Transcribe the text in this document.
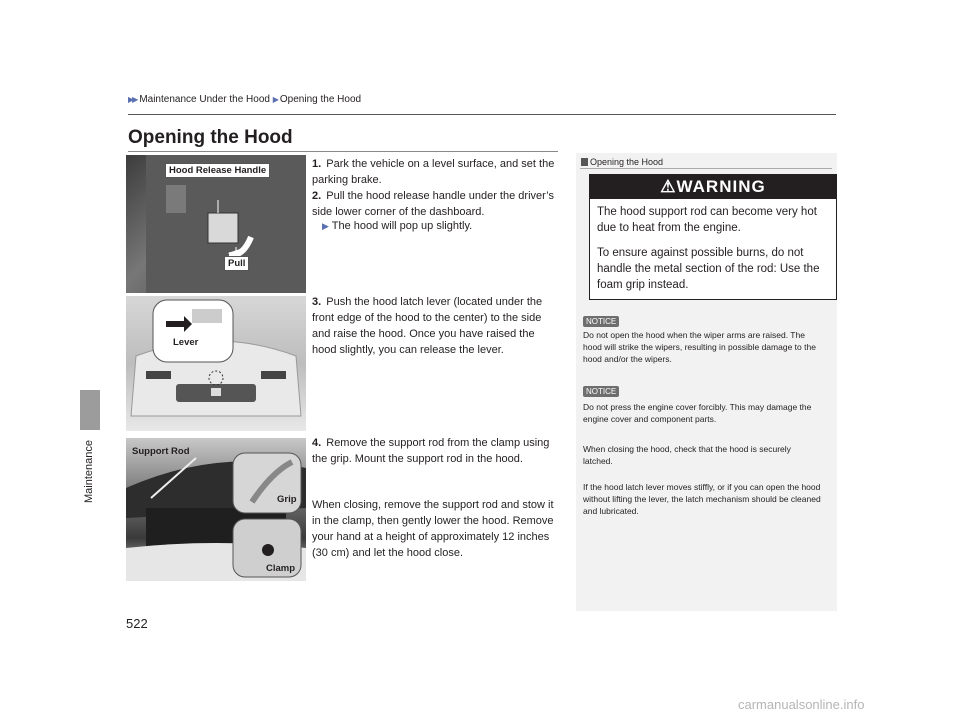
Maintenance
▶▶ Maintenance Under the Hood ▶ Opening the Hood
Opening the Hood
Hood Release Handle
Pull
Lever
Support Rod
Grip
Clamp
1. Park the vehicle on a level surface, and set the parking brake.
2. Pull the hood release handle under the driver’s side lower corner of the dashboard.
▶ The hood will pop up slightly.
3. Push the hood latch lever (located under the front edge of the hood to the center) to the side and raise the hood. Once you have raised the hood slightly, you can release the lever.
4. Remove the support rod from the clamp using the grip. Mount the support rod in the hood.
When closing, remove the support rod and stow it in the clamp, then gently lower the hood. Remove your hand at a height of approximately 12 inches (30 cm) and let the hood close.
Opening the Hood
⚠WARNING
The hood support rod can become very hot due to heat from the engine.
To ensure against possible burns, do not handle the metal section of the rod: Use the foam grip instead.
NOTICE
Do not open the hood when the wiper arms are raised. The hood will strike the wipers, resulting in possible damage to the hood and/or the wipers.
NOTICE
Do not press the engine cover forcibly. This may damage the engine cover and component parts.
When closing the hood, check that the hood is securely latched.
If the hood latch lever moves stiffly, or if you can open the hood without lifting the lever, the latch mechanism should be cleaned and lubricated.
522
carmanualsonline.info
